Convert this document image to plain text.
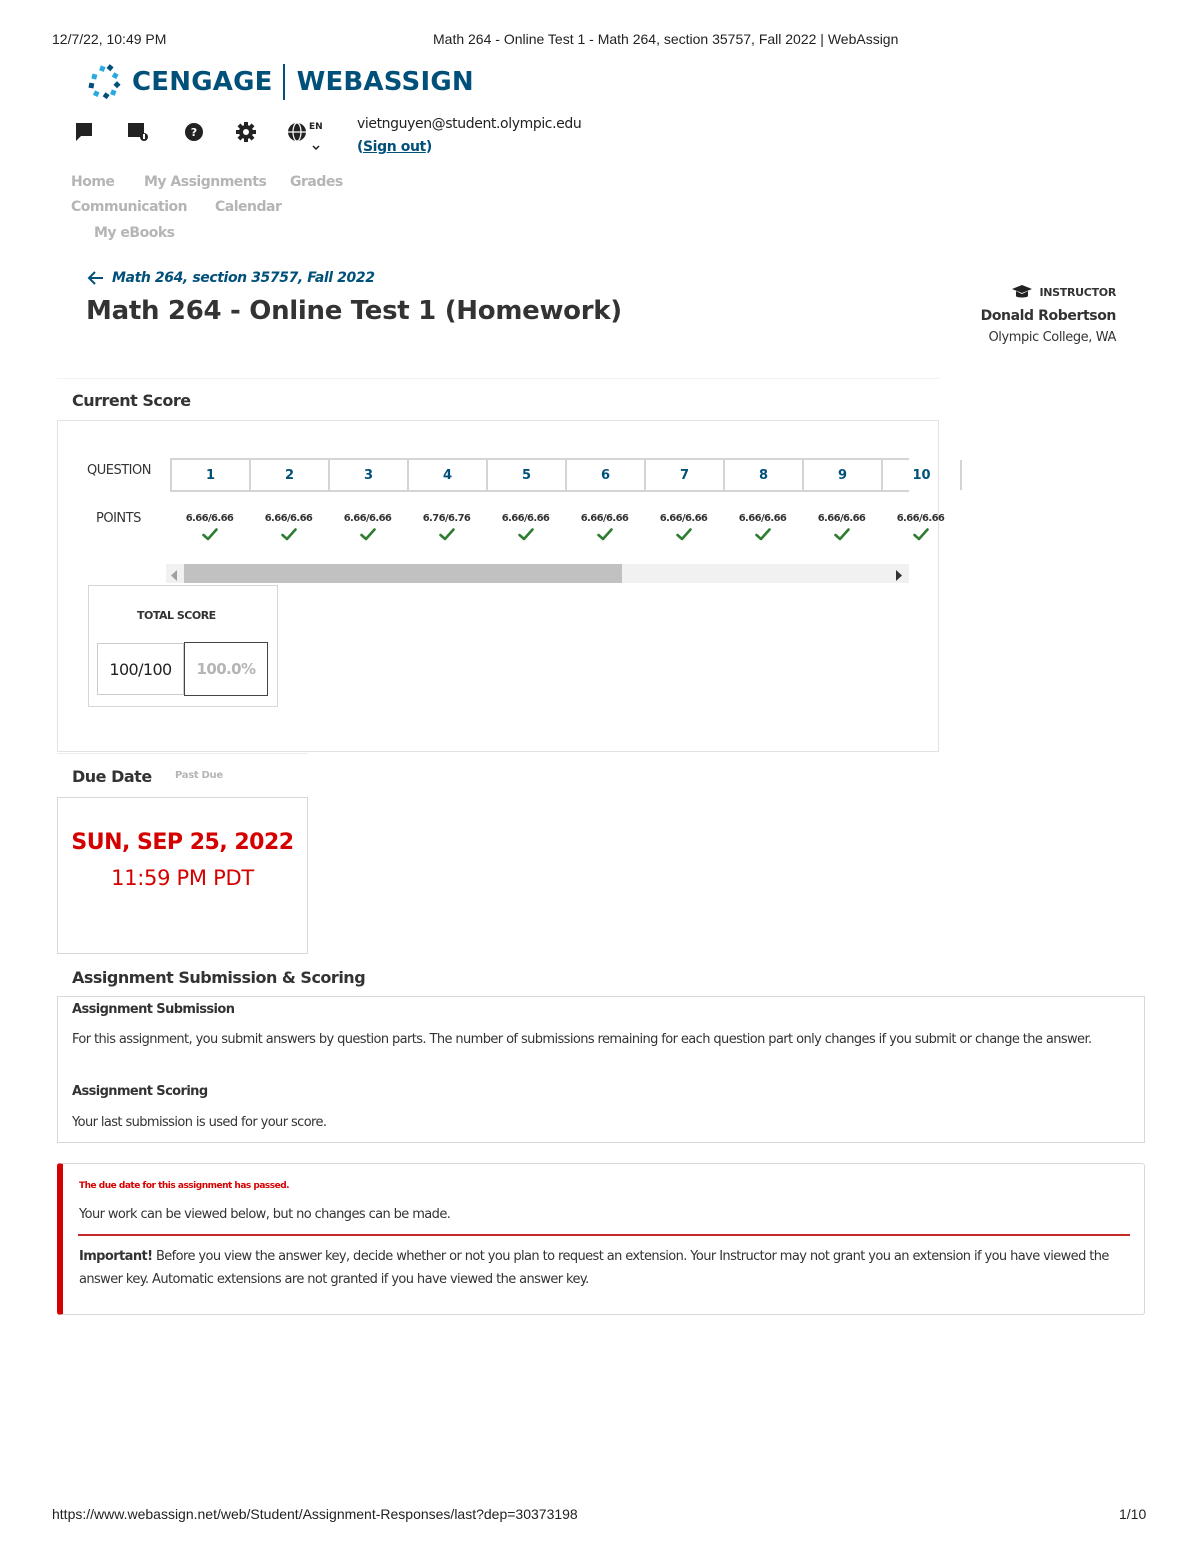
12/7/22, 10:49 PM	Math 264 - Online Test 1 - Math 264, section 35757, Fall 2022 | WebAssign
CENGAGE WEBASSIGN
?	EN vietnguyen@student.olympic.edu
(Sign out)
Home My Assignments Grades
Communication Calendar
My eBooks
Math 264, section 35757, Fall 2022
Math 264 - Online Test 1 (Homework)
INSTRUCTOR
Donald Robertson
Olympic College, WA
Current Score
QUESTION
POINTS
1	2	3	4	5	6	7	8	9	10
6.66/6.66	6.66/6.66	6.66/6.66	6.76/6.76	6.66/6.66	6.66/6.66	6.66/6.66	6.66/6.66	6.66/6.66	6.66/6.66
TOTAL SCORE
100/100	100.0%
Due Date Past Due
SUN, SEP 25, 2022
11:59 PM PDT
Assignment Submission & Scoring
Assignment Submission
For this assignment, you submit answers by question parts. The number of submissions remaining for each question part only changes if you submit or change the answer.
Assignment Scoring
Your last submission is used for your score.
The due date for this assignment has passed.
Your work can be viewed below, but no changes can be made.
Important! Before you view the answer key, decide whether or not you plan to request an extension. Your Instructor may not grant you an extension if you have viewed the answer key. Automatic extensions are not granted if you have viewed the answer key.
https://www.webassign.net/web/Student/Assignment-Responses/last?dep=30373198	1/10
